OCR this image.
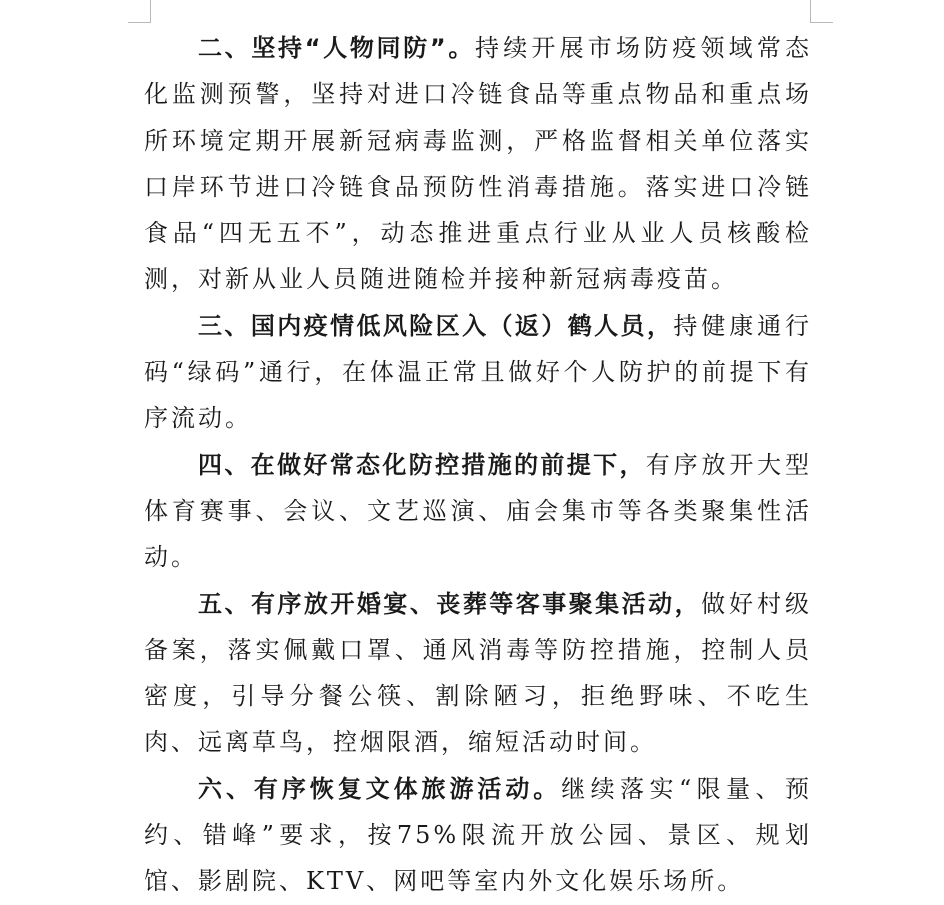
二、坚持“人物同防”。持续开展市场防疫领域常态化监测预警，坚持对进口冷链食品等重点物品和重点场所环境定期开展新冠病毒监测，严格监督相关单位落实口岸环节进口冷链食品预防性消毒措施。落实进口冷链食品“四无五不”，动态推进重点行业从业人员核酸检测，对新从业人员随进随检并接种新冠病毒疫苗。

三、国内疫情低风险区入（返）鹤人员，持健康通行码“绿码”通行，在体温正常且做好个人防护的前提下有序流动。

四、在做好常态化防控措施的前提下，有序放开大型体育赛事、会议、文艺巡演、庙会集市等各类聚集性活动。

五、有序放开婚宴、丧葬等客事聚集活动，做好村级备案，落实佩戴口罩、通风消毒等防控措施，控制人员密度，引导分餐公筷、割除陋习，拒绝野味、不吃生肉、远离草鸟，控烟限酒，缩短活动时间。

六、有序恢复文体旅游活动。继续落实“限量、预约、错峰”要求，按75%限流开放公园、景区、规划馆、影剧院、KTV、网吧等室内外文化娱乐场所。
